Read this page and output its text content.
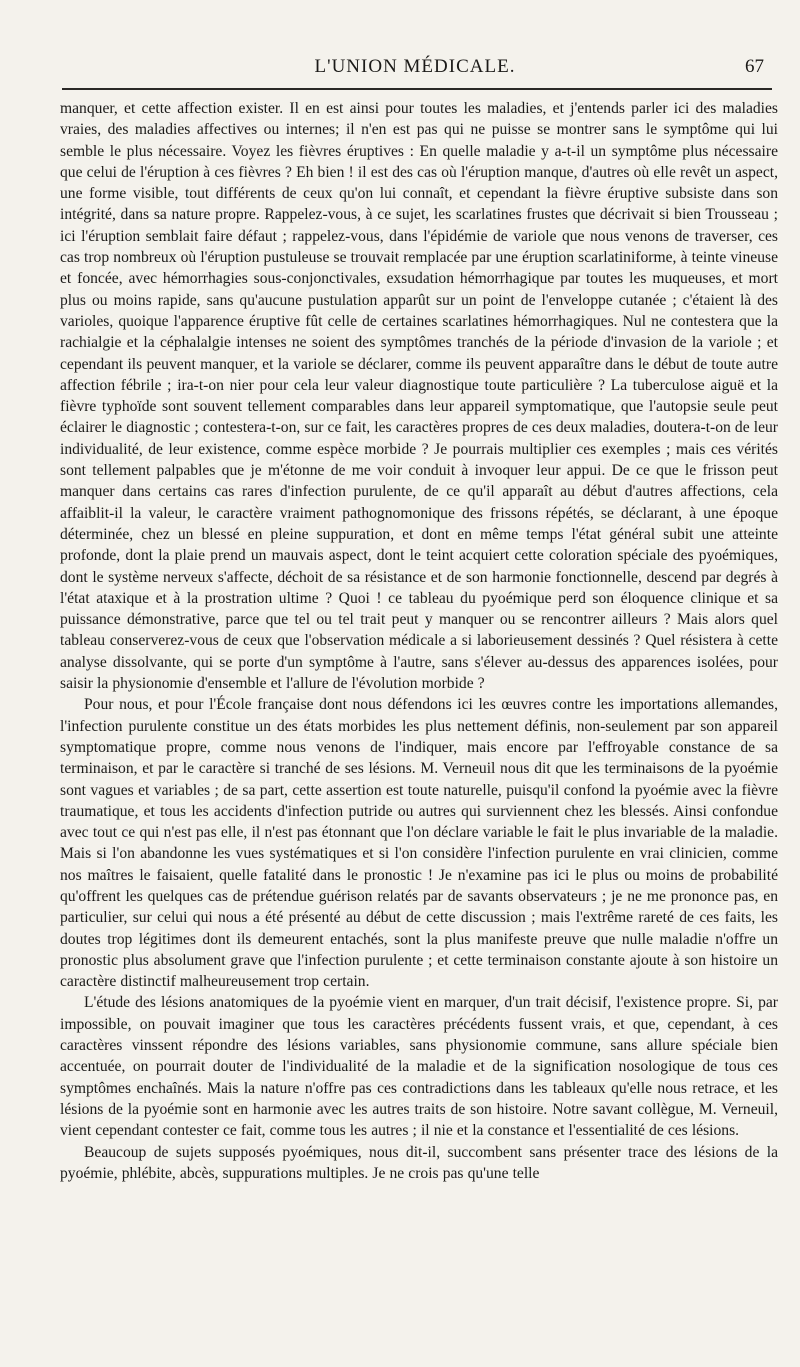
L'UNION MÉDICALE.	67

manquer, et cette affection exister. Il en est ainsi pour toutes les maladies, et j'entends parler ici des maladies vraies, des maladies affectives ou internes; il n'en est pas qui ne puisse se montrer sans le symptôme qui lui semble le plus nécessaire. Voyez les fièvres éruptives : En quelle maladie y a-t-il un symptôme plus nécessaire que celui de l'éruption à ces fièvres ? Eh bien ! il est des cas où l'éruption manque, d'autres où elle revêt un aspect, une forme visible, tout différents de ceux qu'on lui connaît, et cependant la fièvre éruptive subsiste dans son intégrité, dans sa nature propre. Rappelez-vous, à ce sujet, les scarlatines frustes que décrivait si bien Trousseau ; ici l'éruption semblait faire défaut ; rappelez-vous, dans l'épidémie de variole que nous venons de traverser, ces cas trop nombreux où l'éruption pustuleuse se trouvait remplacée par une éruption scarlatiniforme, à teinte vineuse et foncée, avec hémorrhagies sous-conjonctivales, exsudation hémorrhagique par toutes les muqueuses, et mort plus ou moins rapide, sans qu'aucune pustulation apparût sur un point de l'enveloppe cutanée ; c'étaient là des varioles, quoique l'apparence éruptive fût celle de certaines scarlatines hémorrhagiques. Nul ne contestera que la rachialgie et la céphalalgie intenses ne soient des symptômes tranchés de la période d'invasion de la variole ; et cependant ils peuvent manquer, et la variole se déclarer, comme ils peuvent apparaître dans le début de toute autre affection fébrile ; ira-t-on nier pour cela leur valeur diagnostique toute particulière ? La tuberculose aiguë et la fièvre typhoïde sont souvent tellement comparables dans leur appareil symptomatique, que l'autopsie seule peut éclairer le diagnostic ; contestera-t-on, sur ce fait, les caractères propres de ces deux maladies, doutera-t-on de leur individualité, de leur existence, comme espèce morbide ? Je pourrais multiplier ces exemples ; mais ces vérités sont tellement palpables que je m'étonne de me voir conduit à invoquer leur appui. De ce que le frisson peut manquer dans certains cas rares d'infection purulente, de ce qu'il apparaît au début d'autres affections, cela affaiblit-il la valeur, le caractère vraiment pathognomonique des frissons répétés, se déclarant, à une époque déterminée, chez un blessé en pleine suppuration, et dont en même temps l'état général subit une atteinte profonde, dont la plaie prend un mauvais aspect, dont le teint acquiert cette coloration spéciale des pyoémiques, dont le système nerveux s'affecte, déchoit de sa résistance et de son harmonie fonctionnelle, descend par degrés à l'état ataxique et à la prostration ultime ? Quoi ! ce tableau du pyoémique perd son éloquence clinique et sa puissance démonstrative, parce que tel ou tel trait peut y manquer ou se rencontrer ailleurs ? Mais alors quel tableau conserverez-vous de ceux que l'observation médicale a si laborieusement dessinés ? Quel résistera à cette analyse dissolvante, qui se porte d'un symptôme à l'autre, sans s'élever au-dessus des apparences isolées, pour saisir la physionomie d'ensemble et l'allure de l'évolution morbide ?

Pour nous, et pour l'École française dont nous défendons ici les œuvres contre les importations allemandes, l'infection purulente constitue un des états morbides les plus nettement définis, non-seulement par son appareil symptomatique propre, comme nous venons de l'indiquer, mais encore par l'effroyable constance de sa terminaison, et par le caractère si tranché de ses lésions. M. Verneuil nous dit que les terminaisons de la pyoémie sont vagues et variables ; de sa part, cette assertion est toute naturelle, puisqu'il confond la pyoémie avec la fièvre traumatique, et tous les accidents d'infection putride ou autres qui surviennent chez les blessés. Ainsi confondue avec tout ce qui n'est pas elle, il n'est pas étonnant que l'on déclare variable le fait le plus invariable de la maladie. Mais si l'on abandonne les vues systématiques et si l'on considère l'infection purulente en vrai clinicien, comme nos maîtres le faisaient, quelle fatalité dans le pronostic ! Je n'examine pas ici le plus ou moins de probabilité qu'offrent les quelques cas de prétendue guérison relatés par de savants observateurs ; je ne me prononce pas, en particulier, sur celui qui nous a été présenté au début de cette discussion ; mais l'extrême rareté de ces faits, les doutes trop légitimes dont ils demeurent entachés, sont la plus manifeste preuve que nulle maladie n'offre un pronostic plus absolument grave que l'infection purulente ; et cette terminaison constante ajoute à son histoire un caractère distinctif malheureusement trop certain.

L'étude des lésions anatomiques de la pyoémie vient en marquer, d'un trait décisif, l'existence propre. Si, par impossible, on pouvait imaginer que tous les caractères précédents fussent vrais, et que, cependant, à ces caractères vinssent répondre des lésions variables, sans physionomie commune, sans allure spéciale bien accentuée, on pourrait douter de l'individualité de la maladie et de la signification nosologique de tous ces symptômes enchaînés. Mais la nature n'offre pas ces contradictions dans les tableaux qu'elle nous retrace, et les lésions de la pyoémie sont en harmonie avec les autres traits de son histoire. Notre savant collègue, M. Verneuil, vient cependant contester ce fait, comme tous les autres ; il nie et la constance et l'essentialité de ces lésions.

Beaucoup de sujets supposés pyoémiques, nous dit-il, succombent sans présenter trace des lésions de la pyoémie, phlébite, abcès, suppurations multiples. Je ne crois pas qu'une telle
